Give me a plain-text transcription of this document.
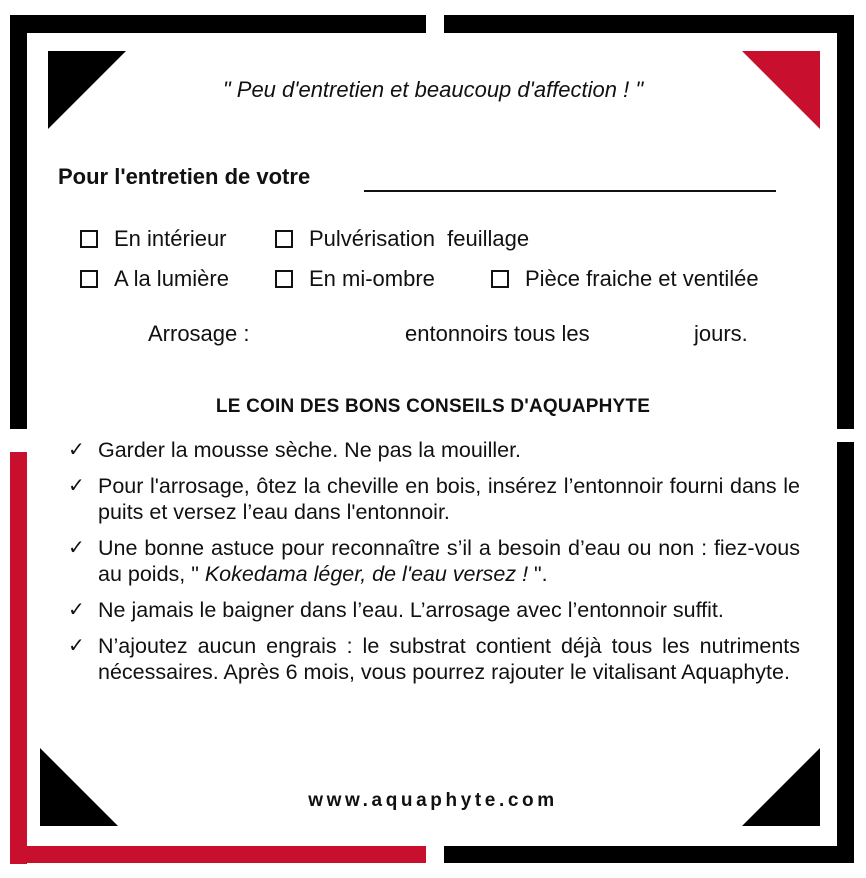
" Peu d'entretien et beaucoup d'affection ! "
Pour l'entretien de votre
En intérieur	Pulvérisation  feuillage
A la lumière	En mi-ombre	Pièce fraiche et ventilée
Arrosage :	entonnoirs tous les	jours.
LE COIN DES BONS CONSEILS D'AQUAPHYTE
✓ Garder la mousse sèche. Ne pas la mouiller.
✓ Pour l'arrosage, ôtez la cheville en bois, insérez l’entonnoir fourni dans le puits et versez l’eau dans l'entonnoir.
✓ Une bonne astuce pour reconnaître s’il a besoin d’eau ou non : fiez-vous au poids, " Kokedama léger, de l'eau versez ! ".
✓ Ne jamais le baigner dans l’eau. L’arrosage avec l’entonnoir suffit.
✓ N’ajoutez aucun engrais : le substrat contient déjà tous les nutriments nécessaires. Après 6 mois, vous pourrez rajouter le vitalisant Aquaphyte.
www.aquaphyte.com
